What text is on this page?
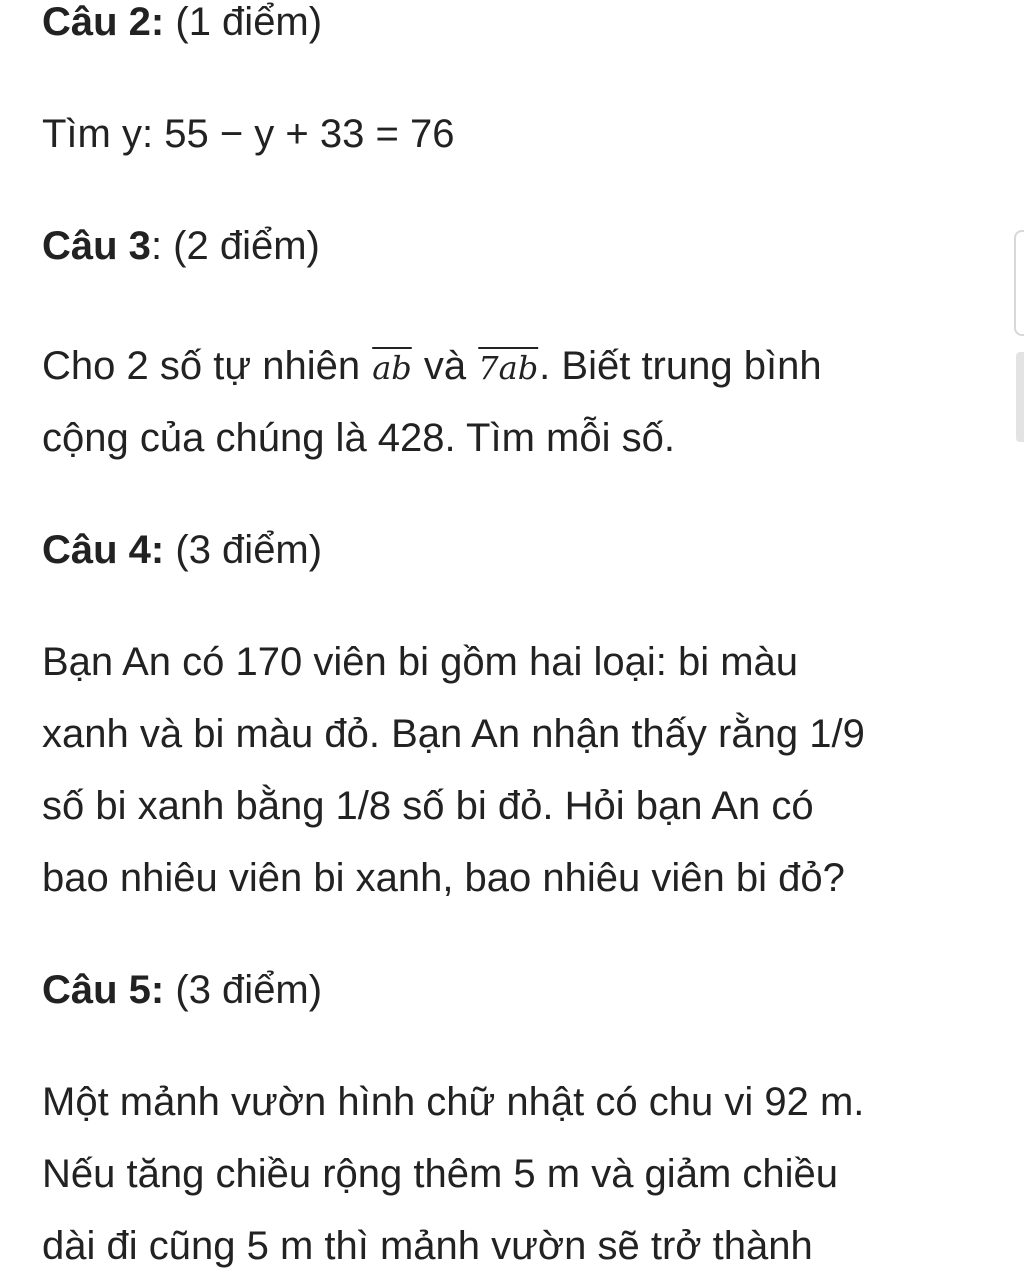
Câu 2: (1 điểm)
Tìm y: 55 − y + 33 = 76
Câu 3: (2 điểm)
Cho 2 số tự nhiên $\overline{ab}$ và 7ab. Biết trung bình
cộng của chúng là 428. Tìm mỗi số.
Câu 4: (3 điểm)
Bạn An có 170 viên bi gồm hai loại: bi màu
xanh và bi màu đỏ. Bạn An nhận thấy rằng 1/9
số bi xanh bằng 1/8 số bi đỏ. Hỏi bạn An có
bao nhiêu viên bi xanh, bao nhiêu viên bi đỏ?
Câu 5: (3 điểm)
Một mảnh vườn hình chữ nhật có chu vi 92 m.
Nếu tăng chiều rộng thêm 5 m và giảm chiều
dài đi cũng 5 m thì mảnh vườn sẽ trở thành
